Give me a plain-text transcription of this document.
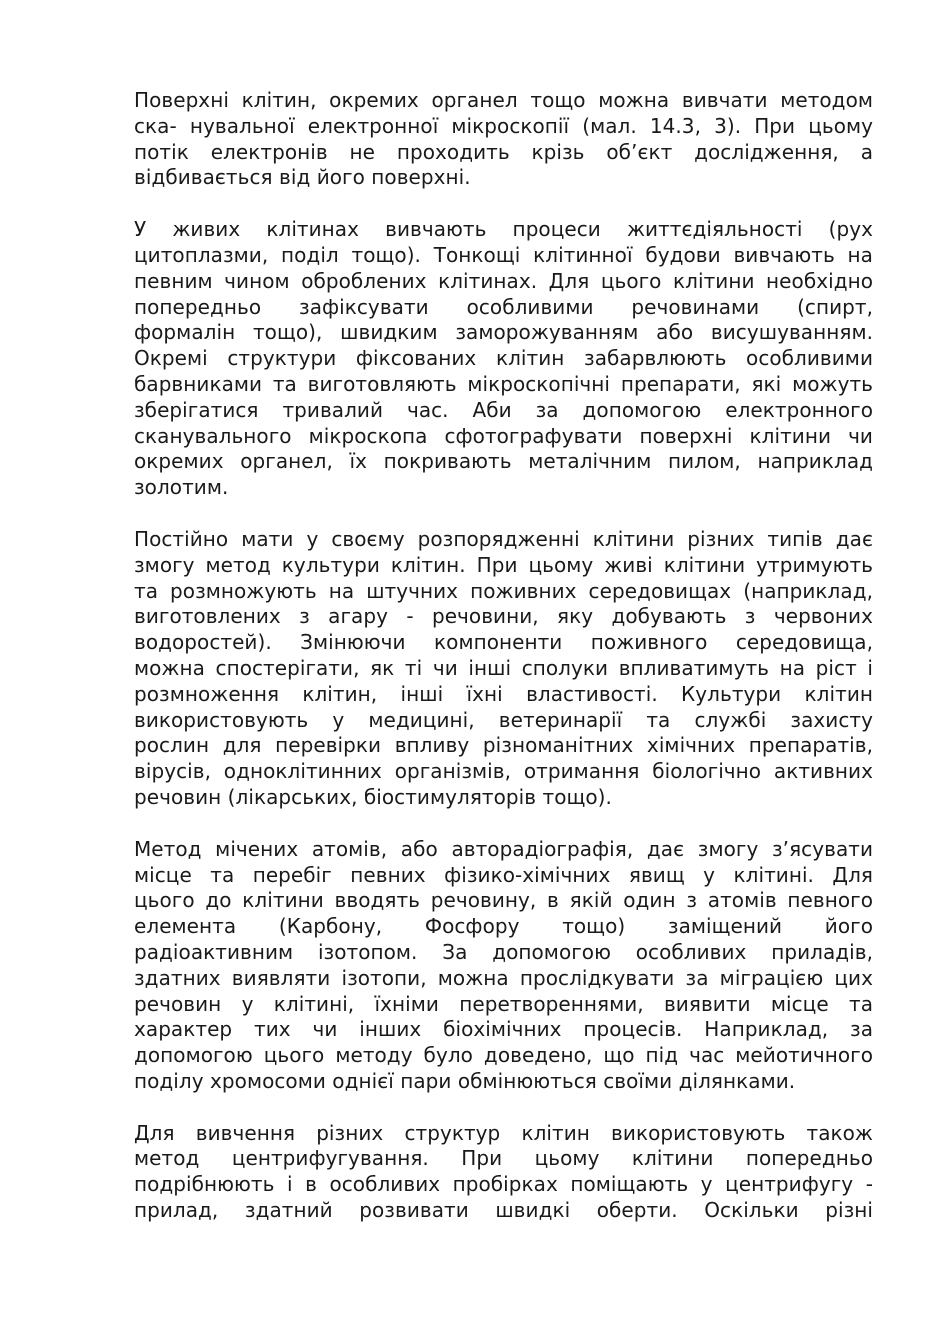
Поверхні клітин, окремих органел тощо можна вивчати методом
ска- нувальної електронної мікроскопії (мал. 14.3, 3). При цьому
потік електронів не проходить крізь об’єкт дослідження, а
відбивається від його поверхні.

У живих клітинах вивчають процеси життєдіяльності (рух
цитоплазми, поділ тощо). Тонкощі клітинної будови вивчають на
певним чином оброблених клітинах. Для цього клітини необхідно
попередньо зафіксувати особливими речовинами (спирт,
формалін тощо), швидким заморожуванням або висушуванням.
Окремі структури фіксованих клітин забарвлюють особливими
барвниками та виготовляють мікроскопічні препарати, які можуть
зберігатися тривалий час. Аби за допомогою електронного
сканувального мікроскопа сфотографувати поверхні клітини чи
окремих органел, їх покривають металічним пилом, наприклад
золотим.

Постійно мати у своєму розпорядженні клітини різних типів дає
змогу метод культури клітин. При цьому живі клітини утримують
та розмножують на штучних поживних середовищах (наприклад,
виготовлених з агару - речовини, яку добувають з червоних
водоростей). Змінюючи компоненти поживного середовища,
можна спостерігати, як ті чи інші сполуки впливатимуть на ріст і
розмноження клітин, інші їхні властивості. Культури клітин
використовують у медицині, ветеринарії та службі захисту
рослин для перевірки впливу різноманітних хімічних препаратів,
вірусів, одноклітинних організмів, отримання біологічно активних
речовин (лікарських, біостимуляторів тощо).

Метод мічених атомів, або авторадіографія, дає змогу з’ясувати
місце та перебіг певних фізико-хімічних явищ у клітині. Для
цього до клітини вводять речовину, в якій один з атомів певного
елемента (Карбону, Фосфору тощо) заміщений його
радіоактивним ізотопом. За допомогою особливих приладів,
здатних виявляти ізотопи, можна прослідкувати за міграцією цих
речовин у клітині, їхніми перетвореннями, виявити місце та
характер тих чи інших біохімічних процесів. Наприклад, за
допомогою цього методу було доведено, що під час мейотичного
поділу хромосоми однієї пари обмінюються своїми ділянками.

Для вивчення різних структур клітин використовують також
метод центрифугування. При цьому клітини попередньо
подрібнюють і в особливих пробірках поміщають у центрифугу -
прилад, здатний розвивати швидкі оберти. Оскільки різні
